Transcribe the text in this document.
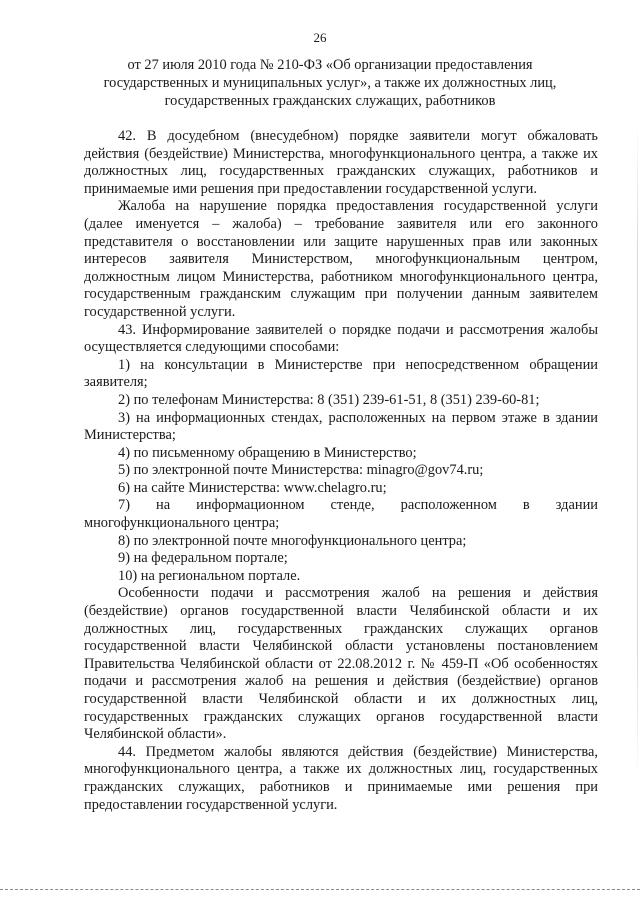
26
от 27 июля 2010 года № 210-ФЗ «Об организации предоставления
государственных и муниципальных услуг», а также их должностных лиц,
государственных гражданских служащих, работников

42. В досудебном (внесудебном) порядке заявители могут обжаловать действия (бездействие) Министерства, многофункционального центра, а также их должностных лиц, государственных гражданских служащих, работников и принимаемые ими решения при предоставлении государственной услуги.

Жалоба на нарушение порядка предоставления государственной услуги (далее именуется – жалоба) – требование заявителя или его законного представителя о восстановлении или защите нарушенных прав или законных интересов заявителя Министерством, многофункциональным центром, должностным лицом Министерства, работником многофункционального центра, государственным гражданским служащим при получении данным заявителем государственной услуги.

43. Информирование заявителей о порядке подачи и рассмотрения жалобы осуществляется следующими способами:

1) на консультации в Министерстве при непосредственном обращении заявителя;

2) по телефонам Министерства: 8 (351) 239-61-51, 8 (351) 239-60-81;

3) на информационных стендах, расположенных на первом этаже в здании Министерства;

4) по письменному обращению в Министерство;

5) по электронной почте Министерства: minagro@gov74.ru;

6) на сайте Министерства: www.chelagro.ru;

7) на информационном стенде, расположенном в здании многофункционального центра;

8) по электронной почте многофункционального центра;

9) на федеральном портале;

10) на региональном портале.

Особенности подачи и рассмотрения жалоб на решения и действия (бездействие) органов государственной власти Челябинской области и их должностных лиц, государственных гражданских служащих органов государственной власти Челябинской области установлены постановлением Правительства Челябинской области от 22.08.2012 г. № 459-П «Об особенностях подачи и рассмотрения жалоб на решения и действия (бездействие) органов государственной власти Челябинской области и их должностных лиц, государственных гражданских служащих органов государственной власти Челябинской области».

44. Предметом жалобы являются действия (бездействие) Министерства, многофункционального центра, а также их должностных лиц, государственных гражданских служащих, работников и принимаемые ими решения при предоставлении государственной услуги.
